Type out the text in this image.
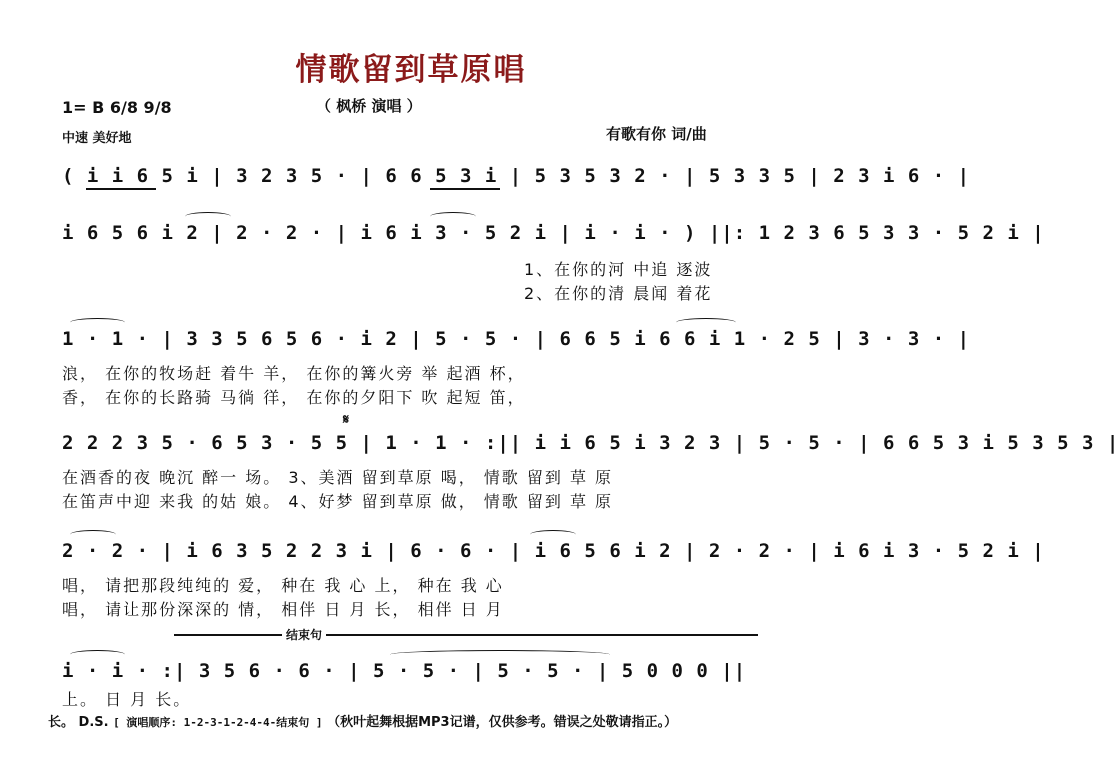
情歌留到草原唱
（ 枫桥 演唱 ）
1= B 6/8 9/8
中速 美好地	有歌有你 词/曲
( i i 6 5 i | 3 2 3 5 · | 6 6 5 3 i | 5 3 5 3 2 · | 5 3 3 5 | 2 3 i 6 · |
i 6 5 6 i 2 | 2 · 2 · | i 6 i 3 · 5 2 i | i · i · ) ||: 1 2 3 6 5 3 3 · 5 2 i |
1、在你的河 中追 逐波
2、在你的清 晨闻 着花
1 · 1 · | 3 3 5 6 5 6 · i 2 | 5 · 5 · | 6 6 5 i 6 6 i 1 · 2 5 | 3 · 3 · |
浪， 在你的牧场赶 着牛 羊， 在你的篝火旁 举 起酒 杯，
香， 在你的长路骑 马徜 徉， 在你的夕阳下 吹 起短 笛，
2 2 2 3 5 · 6 5 3 · 5 5 | 1 · 1 · :|| i i 6 5 i 3 2 3 | 5 · 5 · | 6 6 5 3 i 5 3 5 3 |
𝄋
在酒香的夜 晚沉 醉一 场。 3、美酒 留到草原 喝， 情歌 留到 草 原
在笛声中迎 来我 的姑 娘。 4、好梦 留到草原 做， 情歌 留到 草 原
2 · 2 · | i 6 3 5 2 2 3 i | 6 · 6 · | i 6 5 6 i 2 | 2 · 2 · | i 6 i 3 · 5 2 i |
唱， 请把那段纯纯的 爱， 种在 我 心 上， 种在 我 心
唱， 请让那份深深的 情， 相伴 日 月 长， 相伴 日 月
结束句
i · i · :| 3 5 6 · 6 · | 5 · 5 · | 5 · 5 · | 5 0 0 0 ||
上。 日 月 长。
长。 D.S. [ 演唱顺序: 1-2-3-1-2-4-4-结束句 ] （秋叶起舞根据MP3记谱，仅供参考。错误之处敬请指正。）
